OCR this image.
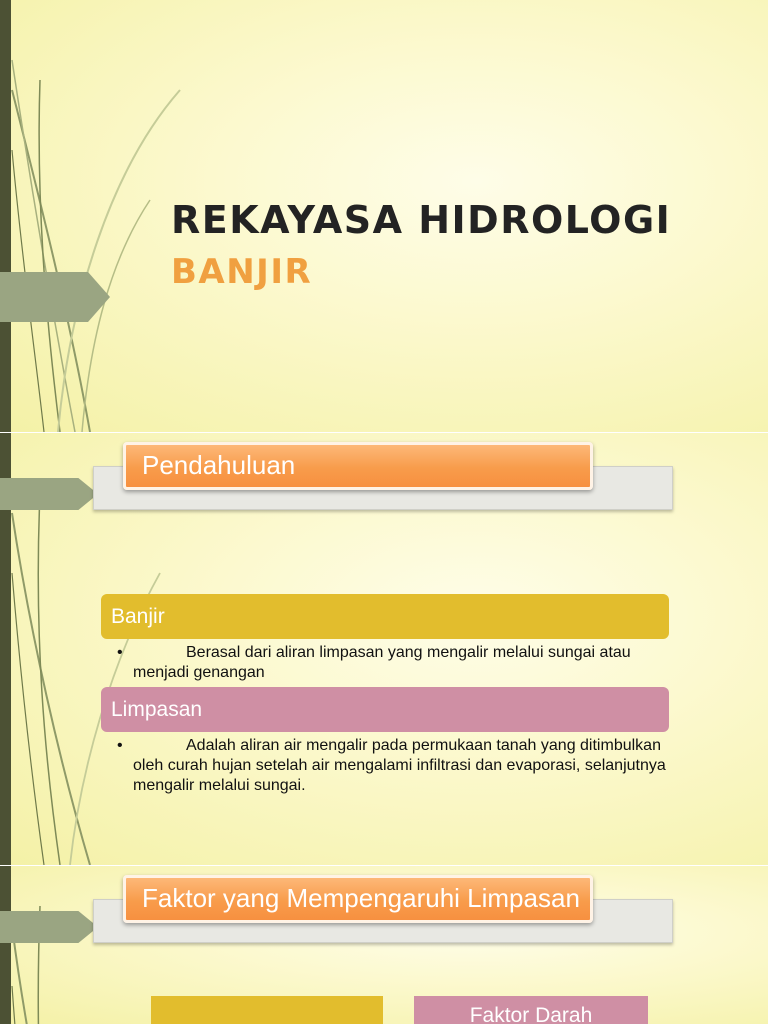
REKAYASA HIDROLOGI
BANJIR
Pendahuluan
Banjir
•	Berasal dari aliran limpasan yang mengalir melalui sungai atau menjadi genangan
Limpasan
•	Adalah aliran air mengalir pada permukaan tanah yang ditimbulkan oleh curah hujan setelah air mengalami infiltrasi dan evaporasi, selanjutnya mengalir melalui sungai.
Faktor yang Mempengaruhi Limpasan
Faktor Darah
